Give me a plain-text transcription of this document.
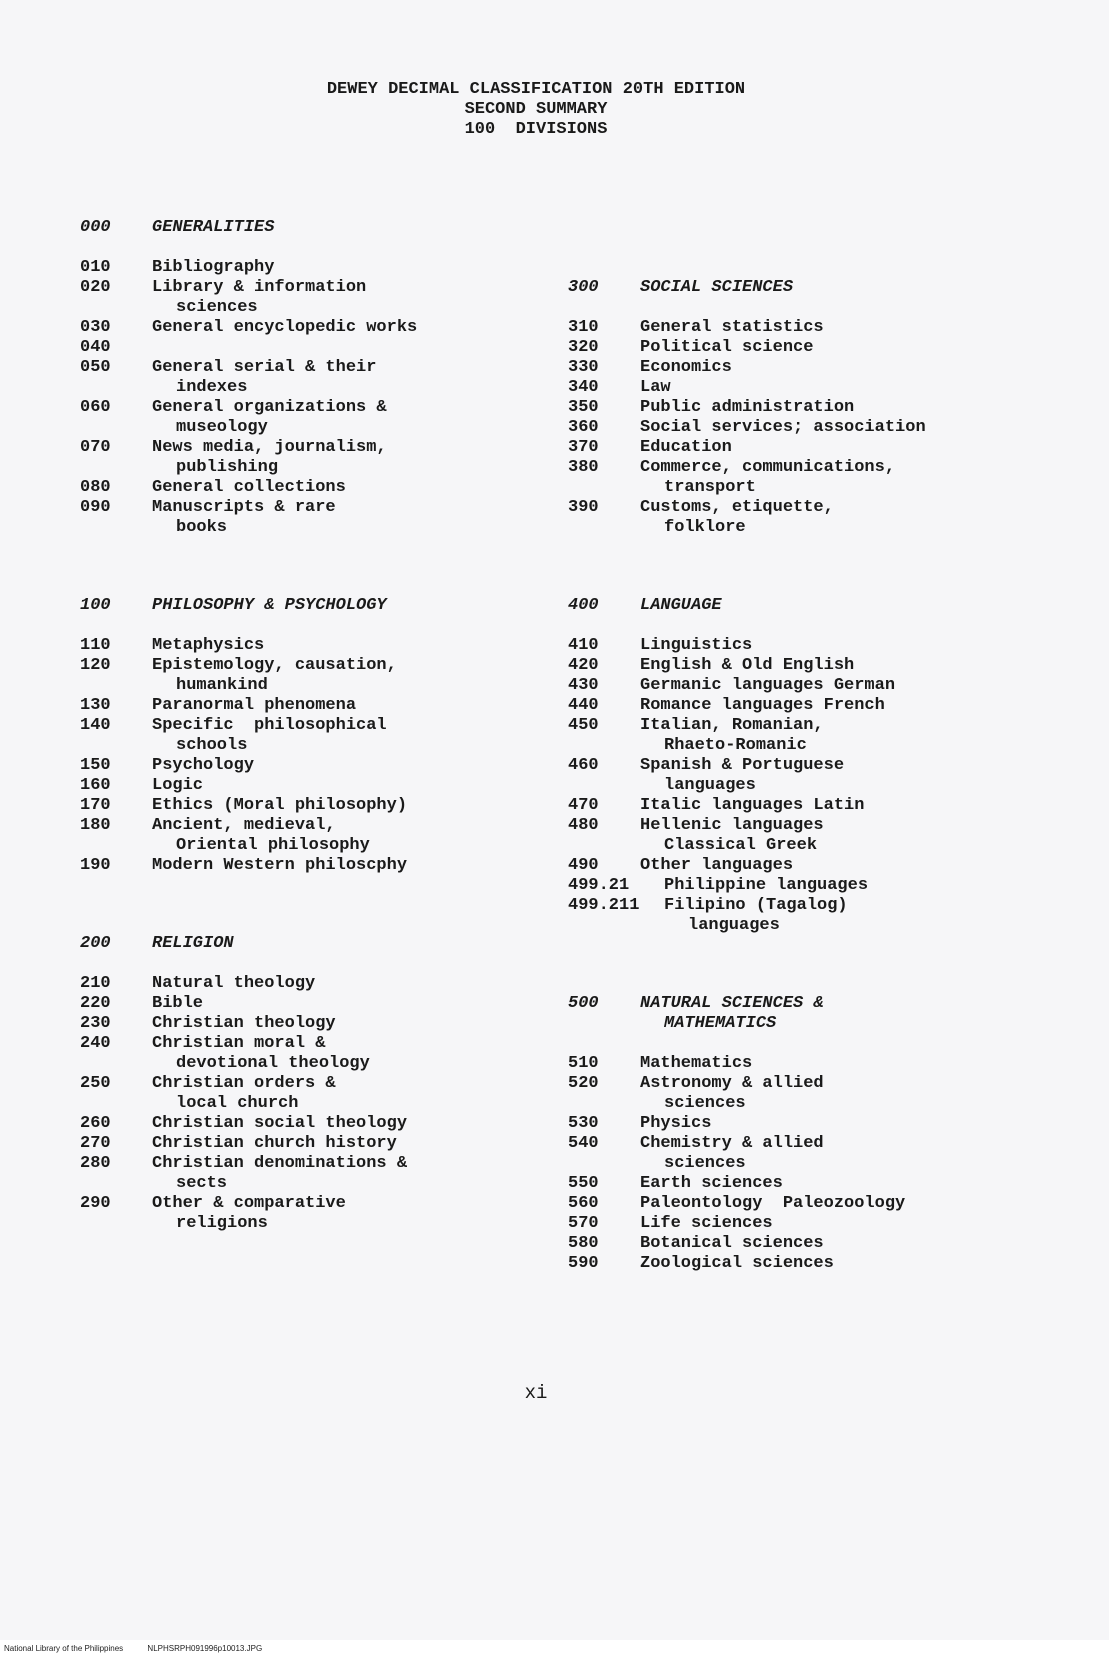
DEWEY DECIMAL CLASSIFICATION 20TH EDITION
SECOND SUMMARY
100  DIVISIONS
000	GENERALITIES
010	Bibliography
020	Library & information
sciences
030	General encyclopedic works
040
050	General serial & their
indexes
060	General organizations &
museology
070	News media, journalism,
publishing
080	General collections
090	Manuscripts & rare
books
100	PHILOSOPHY & PSYCHOLOGY
110	Metaphysics
120	Epistemology, causation,
humankind
130	Paranormal phenomena
140	Specific  philosophical
schools
150	Psychology
160	Logic
170	Ethics (Moral philosophy)
180	Ancient, medieval,
Oriental philosophy
190	Modern Western philoscphy
200	RELIGION
210	Natural theology
220	Bible
230	Christian theology
240	Christian moral &
devotional theology
250	Christian orders &
local church
260	Christian social theology
270	Christian church history
280	Christian denominations &
sects
290	Other & comparative
religions
300	SOCIAL SCIENCES
310	General statistics
320	Political science
330	Economics
340	Law
350	Public administration
360	Social services; association
370	Education
380	Commerce, communications,
transport
390	Customs, etiquette,
folklore
400	LANGUAGE
410	Linguistics
420	English & Old English
430	Germanic languages German
440	Romance languages French
450	Italian, Romanian,
Rhaeto-Romanic
460	Spanish & Portuguese
languages
470	Italic languages Latin
480	Hellenic languages
Classical Greek
490	Other languages
499.21	Philippine languages
499.211	Filipino (Tagalog)
languages
500	NATURAL SCIENCES &
MATHEMATICS
510	Mathematics
520	Astronomy & allied
sciences
530	Physics
540	Chemistry & allied
sciences
550	Earth sciences
560	Paleontology  Paleozoology
570	Life sciences
580	Botanical sciences
590	Zoological sciences
xi
National Library of the Philippines	NLPHSRPH091996p10013.JPG
